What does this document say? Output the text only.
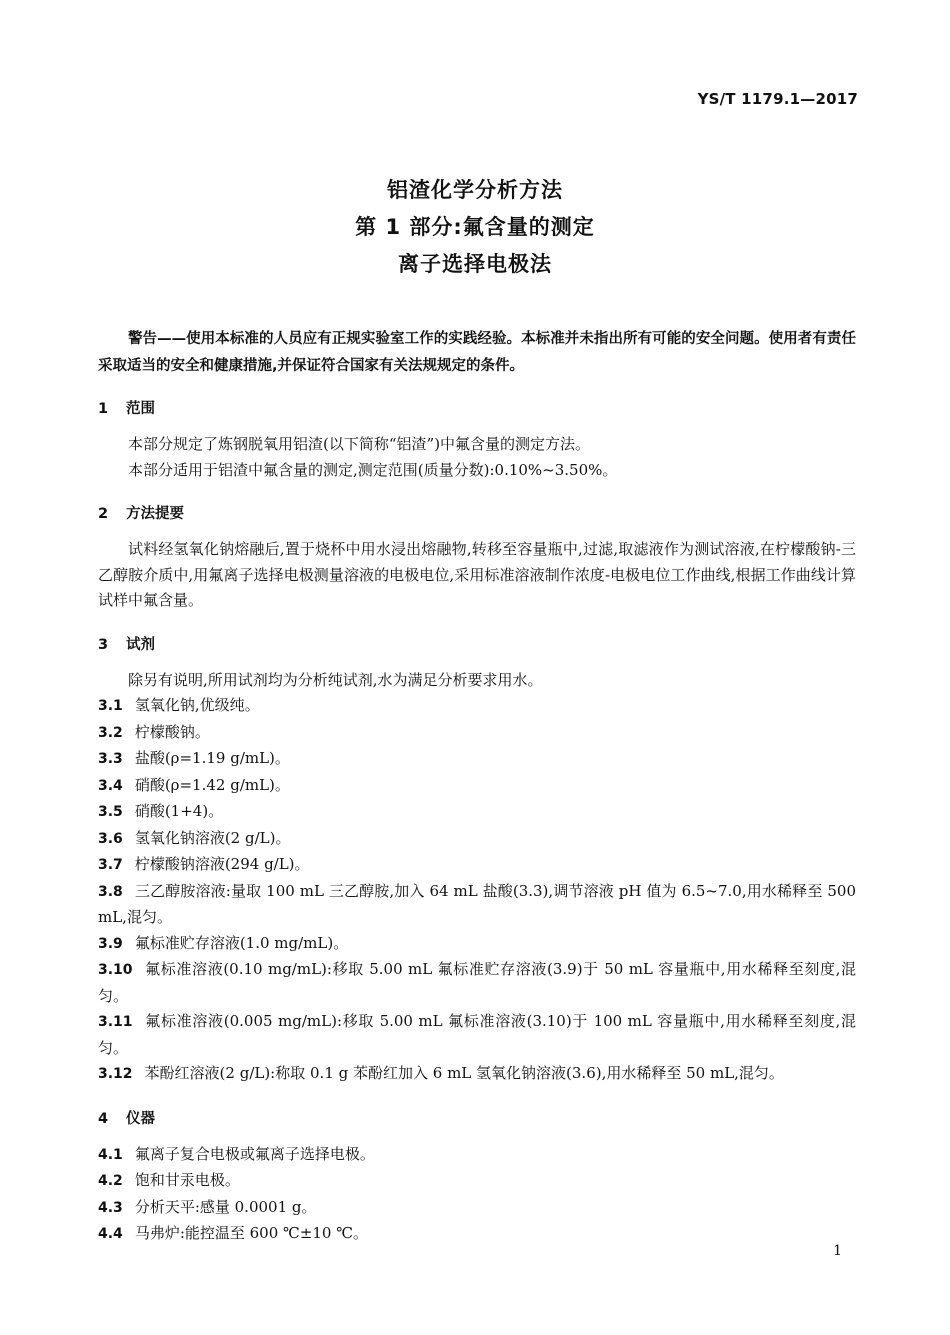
YS/T 1179.1—2017
铝渣化学分析方法
第 1 部分:氟含量的测定
离子选择电极法

警告——使用本标准的人员应有正规实验室工作的实践经验。本标准并未指出所有可能的安全问题。使用者有责任采取适当的安全和健康措施,并保证符合国家有关法规规定的条件。

1 范围

本部分规定了炼钢脱氧用铝渣(以下简称“铝渣”)中氟含量的测定方法。

本部分适用于铝渣中氟含量的测定,测定范围(质量分数):0.10%~3.50%。

2 方法提要

试料经氢氧化钠熔融后,置于烧杯中用水浸出熔融物,转移至容量瓶中,过滤,取滤液作为测试溶液,在柠檬酸钠-三乙醇胺介质中,用氟离子选择电极测量溶液的电极电位,采用标准溶液制作浓度-电极电位工作曲线,根据工作曲线计算试样中氟含量。

3 试剂

除另有说明,所用试剂均为分析纯试剂,水为满足分析要求用水。

3.1 氢氧化钠,优级纯。

3.2 柠檬酸钠。

3.3 盐酸(ρ=1.19 g/mL)。

3.4 硝酸(ρ=1.42 g/mL)。

3.5 硝酸(1+4)。

3.6 氢氧化钠溶液(2 g/L)。

3.7 柠檬酸钠溶液(294 g/L)。

3.8 三乙醇胺溶液:量取 100 mL 三乙醇胺,加入 64 mL 盐酸(3.3),调节溶液 pH 值为 6.5~7.0,用水稀释至 500 mL,混匀。

3.9 氟标准贮存溶液(1.0 mg/mL)。

3.10 氟标准溶液(0.10 mg/mL):移取 5.00 mL 氟标准贮存溶液(3.9)于 50 mL 容量瓶中,用水稀释至刻度,混匀。

3.11 氟标准溶液(0.005 mg/mL):移取 5.00 mL 氟标准溶液(3.10)于 100 mL 容量瓶中,用水稀释至刻度,混匀。

3.12 苯酚红溶液(2 g/L):称取 0.1 g 苯酚红加入 6 mL 氢氧化钠溶液(3.6),用水稀释至 50 mL,混匀。

4 仪器

4.1 氟离子复合电极或氟离子选择电极。

4.2 饱和甘汞电极。

4.3 分析天平:感量 0.0001 g。

4.4 马弗炉:能控温至 600 ℃±10 ℃。

1
